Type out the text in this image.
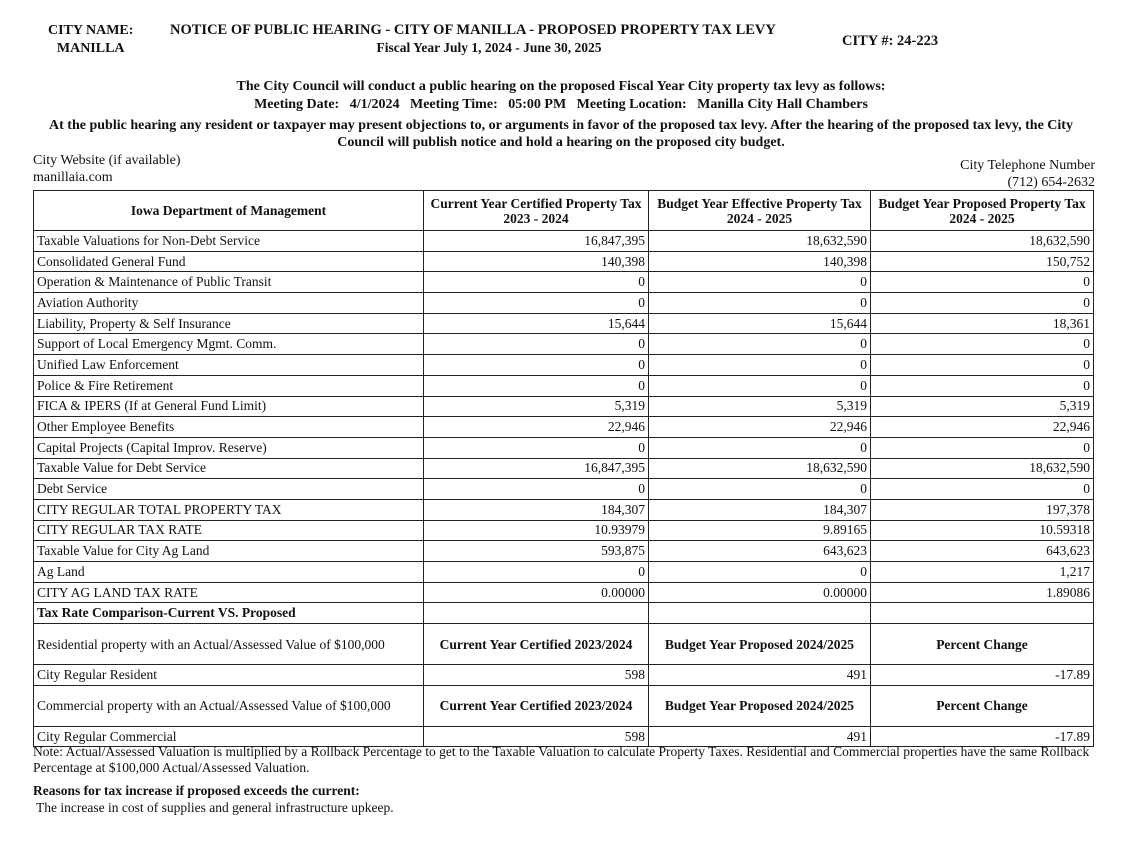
CITY NAME:
MANILLA
NOTICE OF PUBLIC HEARING - CITY OF MANILLA - PROPOSED PROPERTY TAX LEVY
Fiscal Year July 1, 2024 - June 30, 2025	CITY #: 24-223
The City Council will conduct a public hearing on the proposed Fiscal Year City property tax levy as follows:
Meeting Date:   4/1/2024   Meeting Time:   05:00 PM   Meeting Location:   Manilla City Hall Chambers
At the public hearing any resident or taxpayer may present objections to, or arguments in favor of the proposed tax levy. After the hearing of the proposed tax levy, the City Council will publish notice and hold a hearing on the proposed city budget.
City Website (if available)
manillaia.com
City Telephone Number
(712) 654-2632
Iowa Department of Management	Current Year Certified Property Tax 2023 - 2024	Budget Year Effective Property Tax 2024 - 2025	Budget Year Proposed Property Tax 2024 - 2025
Taxable Valuations for Non-Debt Service	16,847,395	18,632,590	18,632,590
Consolidated General Fund	140,398	140,398	150,752
Operation & Maintenance of Public Transit	0	0	0
Aviation Authority	0	0	0
Liability, Property & Self Insurance	15,644	15,644	18,361
Support of Local Emergency Mgmt. Comm.	0	0	0
Unified Law Enforcement	0	0	0
Police & Fire Retirement	0	0	0
FICA & IPERS (If at General Fund Limit)	5,319	5,319	5,319
Other Employee Benefits	22,946	22,946	22,946
Capital Projects (Capital Improv. Reserve)	0	0	0
Taxable Value for Debt Service	16,847,395	18,632,590	18,632,590
Debt Service	0	0	0
CITY REGULAR TOTAL PROPERTY TAX	184,307	184,307	197,378
CITY REGULAR TAX RATE	10.93979	9.89165	10.59318
Taxable Value for City Ag Land	593,875	643,623	643,623
Ag Land	0	0	1,217
CITY AG LAND TAX RATE	0.00000	0.00000	1.89086
Tax Rate Comparison-Current VS. Proposed			
Residential property with an Actual/Assessed Value of $100,000	Current Year Certified 2023/2024	Budget Year Proposed 2024/2025	Percent Change
City Regular Resident	598	491	-17.89
Commercial property with an Actual/Assessed Value of $100,000	Current Year Certified 2023/2024	Budget Year Proposed 2024/2025	Percent Change
City Regular Commercial	598	491	-17.89
Note: Actual/Assessed Valuation is multiplied by a Rollback Percentage to get to the Taxable Valuation to calculate Property Taxes. Residential and Commercial properties have the same Rollback Percentage at $100,000 Actual/Assessed Valuation.
Reasons for tax increase if proposed exceeds the current:
The increase in cost of supplies and general infrastructure upkeep.
